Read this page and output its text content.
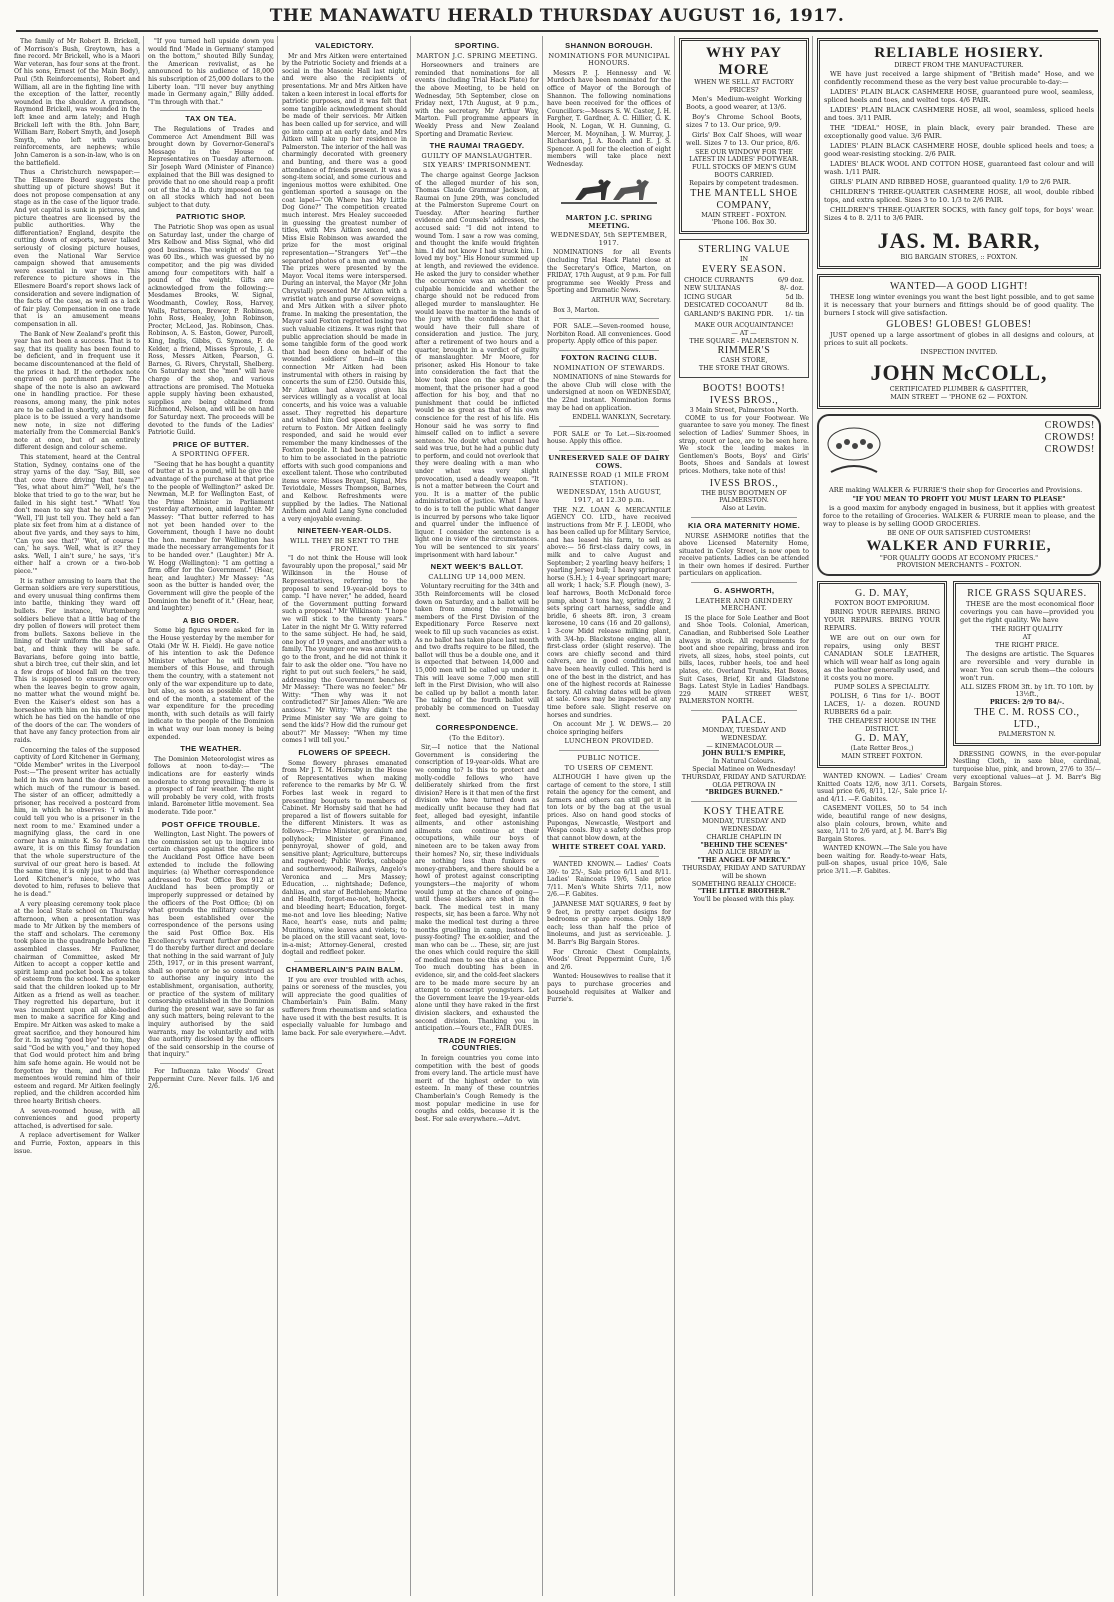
THE MANAWATU HERALD THURSDAY AUGUST 16, 1917.

The family of Mr Robert B. Brickell, of Morrison's Bush, Greytown, has a fine record. Mr Brickell, who is a Maori War veteran, has four sons at the front. Of his sons, Ernest (of the Main Body), Paul (5th Reinforcements), Robert and William, all are in the fighting line with the exception of the latter, recently wounded in the shoulder. A grandson, Raymond Brickell, was wounded in the left knee and arm lately; and Hugh Brickell left with the 8th. John Barr, William Barr, Robert Smyth, and Joseph Smyth, who left with various reinforcements, are nephews; while John Cameron is a son-in-law, who is on the battlefield.

Thus a Christchurch newspaper:—The Ellesmere Board suggests the shutting up of picture shows! But it does not propose compensation at any stage as in the case of the liquor trade. And yet capital is sunk in pictures, and picture theatres are licensed by the public authorities. Why the differentiation? England, despite the cutting down of exports, never talked seriously of closing picture houses, even the National War Service campaign showed that amusements were essential in war time. This reference to picture shows in the Ellesmere Board's report shows lack of consideration and severe indignation of the facts of the case, as well as a lack of fair play. Compensation in one trade that is an amusement means compensation in all.

The Bank of New Zealand's profit this year has not been a success. That is to say, that its quality has been found to be deficient, and in frequent use it became discountenanced at the field of the prices it had. If the orthodox note engraved on parchment paper. The shape of the note is also an awkward one in handling practice. For these reasons, among many, the pink notes are to be called in shortly, and in their place is to be issued a very handsome new note, in size not differing materially from the Commercial Bank's note at once, but of an entirely different design and colour scheme.

This statement, heard at the Central Station, Sydney, contains one of the stray yarns of the day. "Say, Bill, see that cove there driving that team?" "Yes, what about him?" "Well, he's the bloke that tried to go to the war, but he failed in his sight test." "What! You don't mean to say that he can't see?" "Well, I'll just tell you. They held a fan plate six feet from him at a distance of about five yards, and they says to him, 'Can you see that?' 'Wot, of course I can,' he says. 'Well, what is it?' they asks. 'Well, I ain't sure,' he says, 'it's either half a crown or a two-bob piece.'"

It is rather amusing to learn that the German soldiers are very superstitious, and every unusual thing confirms them into battle, thinking they ward off bullets. For instance, Wurtemberg soldiers believe that a little bag of the dry pollen of flowers will protect them from bullets. Saxons believe in the lining of their uniform the shape of a bat, and think they will be safe. Bavarians, before going into battle, shut a birch tree, cut their skin, and let a few drops of blood fall on the tree. This is supposed to ensure recovery when the leaves begin to grow again, no matter what the wound might be. Even the Kaiser's eldest son has a horseshoe with him on his motor trips which he has tied on the handle of one of the doors of the car. The wonders of that have any fancy protection from air raids.

Concerning the tales of the supposed captivity of Lord Kitchener in Germany, "Olde Member" writes in the Liverpool Post:—"The present writer has actually held in his own hand the document on which much of the rumour is based. The sister of an officer, admittedly a prisoner, has received a postcard from him, in which he observes: 'I wish I could tell you who is a prisoner in the next room to me.' Examined under a magnifying glass, the card in one corner has a minute K. So far as I am aware, it is on this flimsy foundation that the whole superstructure of the survival of our great hero is based. At the same time, it is only just to add that Lord Kitchener's niece, who was devoted to him, refuses to believe that he is dead."

A very pleasing ceremony took place at the local State school on Thursday afternoon, when a presentation was made to Mr Aitken by the members of the staff and scholars. The ceremony took place in the quadrangle before the assembled classes. Mr Faulkner, chairman of Committee, asked Mr Aitken to accept a copper kettle and spirit lamp and pocket book as a token of esteem from the school. The speaker said that the children looked up to Mr Aitken as a friend as well as teacher. They regretted his departure, but it was incumbent upon all able-bodied men to make a sacrifice for King and Empire. Mr Aitken was asked to make a great sacrifice, and they honoured him for it. In saying "good bye" to him, they said "God be with you," and they hoped that God would protect him and bring him safe home again. He would not be forgotten by them, and the little mementoes would remind him of their esteem and regard. Mr Aitken feelingly replied, and the children accorded him three hearty British cheers.

A seven-roomed house, with all conveniences and good property attached, is advertised for sale.

A replace advertisement for Walker and Furrie, Foxton, appears in this issue.

"If you turned hell upside down you would find 'Made in Germany' stamped on the bottom," shouted Billy Sunday, the American revivalist, as he announced to his audience of 18,000 his subscription of 25,000 dollars to the Liberty loan. "I'll never buy anything made in Germany again," Billy added. "I'm through with that."

TAX ON TEA.

The Regulations of Trades and Commerce Act Amendment Bill was brought down by Governor-General's Message in the House of Representatives on Tuesday afternoon. Sir Joseph Ward (Minister of Finance) explained that the Bill was designed to provide that no one should reap a profit out of the 3d a lb. duty imposed on tea on all stocks which had not been subject to that duty.

PATRIOTIC SHOP.

The Patriotic Shop was open as usual on Saturday last, under the charge of Mrs Kelbow and Miss Signal, who did good business. The weight of the pig was 60 lbs., which was guessed by no competitor, and the pig was divided among four competitors with half a pound of the weight. Gifts are acknowledged from the following:—Mesdames Brooks, W. Signal, Woodmanth, Cowley, Ross, Harvey, Walls, Patterson, Brewer, P. Robinson, John Ross, Healey, John Robinson, Procter, McLeod, Jas. Robinson, Chas. Robinson, A. S. Easton, Gower, Purcell, King, Inglis, Gibbs, G. Symons, F. de Kelder, a friend, Misses Sproule, J. A. Ross, Messrs Aitken, Pearson, G. Barnes, G. Rivers, Chrystall, Shelberg. On Saturday next the "men" will have charge of the shop, and various attractions are promised. The Motueka apple supply having been exhausted, supplies are being obtained from Richmond, Nelson, and will be on hand for Saturday next. The proceeds will be devoted to the funds of the Ladies' Patriotic Guild.

PRICE OF BUTTER.
A SPORTING OFFER.

"Seeing that he has bought a quantity of butter at 1s a pound, will he give the advantage of the purchase at that price to the people of Wellington?" asked Dr. Newman, M.P. for Wellington East, of the Prime Minister in Parliament yesterday afternoon, amid laughter. Mr Massey: "That butter referred to has not yet been handed over to the Government, though I have no doubt the hon. member for Wellington has made the necessary arrangements for it to be handed over." (Laughter.) Mr A. W. Hogg (Wellington): "I am getting a firm offer for the Government." (Hear, hear, and laughter.) Mr Massey: "As soon as the butter is handed over, the Government will give the people of the Dominion the benefit of it." (Hear, hear, and laughter.)

A BIG ORDER.

Some big figures were asked for in the House yesterday by the member for Otaki (Mr W. H. Field). He gave notice of his intention to ask the Defence Minister whether he will furnish members of this House, and through them the country, with a statement not only of the war expenditure up to date, but also, as soon as possible after the end of the month, a statement of the war expenditure for the preceding month, with such details as will fairly indicate to the people of the Dominion in what way our loan money is being expended.

THE WEATHER.

The Dominion Meteorologist wires as follows at noon to-day:— "The indications are for easterly winds moderate to strong prevailing; there is a prospect of fair weather. The night will probably be very cold, with frosts inland. Barometer little movement. Sea moderate. Tide poor."

POST OFFICE TROUBLE.

Wellington, Last Night. The powers of the commission set up to inquire into certain charges against the officers of the Auckland Post Office have been extended to include the following inquiries: (a) Whether correspondence addressed to Post Office Box 912 at Auckland has been promptly or improperly suppressed or detained by the officers of the Post Office; (b) on what grounds the military censorship has been established over the correspondence of the persons using the said Post Office Box. His Excellency's warrant further proceeds: "I do thereby further direct and declare that nothing in the said warrant of July 25th, 1917, or in this present warrant, shall so operate or be so construed as to authorise any inquiry into the establishment, organisation, authority, or practice of the system of military censorship established in the Dominion during the present war, save so far as any such matters, being relevant to the inquiry authorised by the said warrants, may be voluntarily and with due authority disclosed by the officers of the said censorship in the course of that inquiry."

For Influenza take Woods' Great Peppermint Cure. Never fails. 1/6 and 2/6.

VALEDICTORY.

Mr and Mrs Aitken were entertained by the Patriotic Society and friends at a social in the Masonic Hall last night, and were also the recipients of presentations. Mr and Mrs Aitken have taken a keen interest in local efforts for patriotic purposes, and it was felt that some tangible acknowledgment should be made of their services. Mr Aitken has been called up for service, and will go into camp at an early date, and Mrs Aitken will take up her residence in Palmerston. The interior of the hall was charmingly decorated with greenery and bunting, and there was a good attendance of friends present. It was a song-item social, and some curious and ingenious mottos were exhibited. One gentleman sported a sausage on the coat lapel—"Oh Where has My Little Dog Gone?" The competition created much interest. Mrs Healey succeeded in guessing the greatest number of titles, with Mrs Aitken second, and Miss Elsie Robinson was awarded the prize for the most original representation—"Strangers Yet"—the separated photos of a man and woman. The prizes were presented by the Mayor. Vocal items were interspersed. During an interval, the Mayor (Mr John Chrystall) presented Mr Aitken with a wristlet watch and purse of sovereigns, and Mrs Aitken with a silver photo frame. In making the presentation, the Mayor said Foxton regretted losing two such valuable citizens. It was right that public appreciation should be made in some tangible form of the good work that had been done on behalf of the wounded soldiers' fund—in this connection Mr Aitken had been instrumental with others in raising by concerts the sum of £250. Outside this, Mr Aitken had always given his services willingly as a vocalist at local concerts, and his voice was a valuable asset. They regretted his departure and wished him God speed and a safe return to Foxton. Mr Aitken feelingly responded, and said he would ever remember the many kindnesses of the Foxton people. It had been a pleasure to him to be associated in the patriotic efforts with such good companions and excellent talent. Those who contributed items were: Misses Bryant, Signal, Mrs Teviotdale, Messrs Thompson, Barnes, and Kelbow. Refreshments were supplied by the ladies. The National Anthem and Auld Lang Syne concluded a very enjoyable evening.

NINETEEN-YEAR-OLDS.
WILL THEY BE SENT TO THE FRONT.

"I do not think the House will look favourably upon the proposal," said Mr Wilkinson in the House of Representatives, referring to the proposal to send 19-year-old boys to camp. "I have never," he added, heard of the Government putting forward such a proposal." Mr Wilkinson: "I hope we will stick to the twenty years." Later in the night Mr G. Witty referred to the same subject. He had, he said, one boy of 19 years, and another with a family. The younger one was anxious to go to the front, and he did not think it fair to ask the older one. "You have no right to put out such feelers," he said, addressing the Government benches. Mr Massey: "There was no feeler." Mr Witty: "Then why was it not contradicted?" Sir James Allen: "We are anxious." Mr Witty: "Why didn't the Prime Minister say 'We are going to send the kids'? How did the rumour get about?" Mr Massey: "When my time comes I will tell you."

FLOWERS OF SPEECH.

Some flowery phrases emanated from Mr J. T. M. Hornsby in the House of Representatives when making reference to the remarks by Mr G. W. Forbes last week in regard to presenting bouquets to members of Cabinet. Mr Hornsby said that he had prepared a list of flowers suitable for the different Ministers. It was as follows:—Prime Minister, geranium and pollyhock; Minister of Finance, pennyroyal, shower of gold, and sensitive plant; Agriculture, buttercups and ragweed; Public Works, cabbage and southernwood; Railways, Angelo's Veronica and ... Mrs Massey; Education, ... nightshade; Defence, dahlias, and star of Bethlehem; Marine and Health, forget-me-not, hollyhock, and bleeding heart; Education, forget-me-not and love lies bleeding; Native Race, heart's ease, nuts and palm; Munitions, wine leaves and violets; to be placed on the still vacant seat, love-in-a-mist; Attorney-General, crested dogtail and redfleet poker.

CHAMBERLAIN'S PAIN BALM.

If you are ever troubled with aches, pains or soreness of the muscles, you will appreciate the good qualities of Chamberlain's Pain Balm. Many sufferers from rheumatism and sciatica have used it with the best results. It is especially valuable for lumbago and lame back. For sale everywhere.—Advt.

SPORTING.
MARTON J.C. SPRING MEETING.

Horseowners and trainers are reminded that nominations for all events (including Trial Hack Plate) for the above Meeting, to be held on Wednesday, 5th September, close on Friday next, 17th August, at 9 p.m., with the secretary, Mr Arthur Way, Marton. Full programme appears in Weekly Press and New Zealand Sporting and Dramatic Review.

THE RAUMAI TRAGEDY.
GUILTY OF MANSLAUGHTER.
SIX YEARS' IMPRISONMENT.

The charge against George Jackson of the alleged murder of his son, Thomas Claude Grammar Jackson, at Raumai on June 29th, was concluded at the Palmerston Supreme Court on Tuesday. After hearing further evidence and Counsels' addresses, the accused said: "I did not intend to wound Tom. I saw a row was coming, and thought the knife would frighten him. I did not know I had struck him. I loved my boy." His Honour summed up at length, and reviewed the evidence. He asked the jury to consider whether the occurrence was an accident or culpable homicide and whether the charge should not be reduced from alleged murder to manslaughter. He would leave the matter in the hands of the jury with the confidence that it would have their full share of consideration and justice. The jury, after a retirement of two hours and a quarter, brought in a verdict of guilty of manslaughter. Mr Moore, for prisoner, asked His Honour to take into consideration the fact that the blow took place on the spur of the moment, that the prisoner had a good affection for his boy, and that no punishment that could be inflicted would be as great as that of his own conscience for the rest of his life. His Honour said he was sorry to find himself called on to inflict a severe sentence. No doubt what counsel had said was true, but he had a public duty to perform, and could not overlook that they were dealing with a man who under what was very slight provocation, used a deadly weapon. "It is not a matter between the Court and you. It is a matter of the public administration of justice. What I have to do is to tell the public what danger is incurred by persons who take liquor and quarrel under the influence of liquor. I consider the sentence is a light one in view of the circumstances. You will be sentenced to six years' imprisonment with hard labour."

NEXT WEEK'S BALLOT.
CALLING UP 14,000 MEN.

Voluntary recruiting for the 34th and 35th Reinforcements will be closed down on Saturday, and a ballot will be taken from among the remaining members of the First Division of the Expeditionary Force Reserve next week to fill up such vacancies as exist. As no ballot has taken place last month and two drafts require to be filled, the ballot will thus be a double one, and it is expected that between 14,000 and 15,000 men will be called up under it. This will leave some 7,000 men still left in the First Division, who will also be called up by ballot a month later. The taking of the fourth ballot will probably be commenced on Tuesday next.

CORRESPONDENCE.
(To the Editor).

Sir,—I notice that the National Government is considering the conscription of 19-year-olds. What are we coming to? Is this to protect and molly-coddle fellows who have deliberately shirked from the first division? Here is it that men of the first division who have turned down as medically unfit because they had flat feet, alleged bad eyesight, infantile ailments, and other astonishing ailments can continue at their occupations, while our boys of nineteen are to be taken away from their homes? No, sir, these individuals are nothing less than funkers or money-grabbers, and there should be a howl of protest against conscripting youngsters—the majority of whom would jump at the chance of going—until these slackers are shot in the back. The medical test in many respects, sir, has been a farce. Why not make the medical test during a three months gruelling in camp, instead of pussy-footing? The ex-soldier, and the man who can be ... These, sir, are just the ones which could require the skill of medical men to see this at a glance. Too much doubting has been in evidence, sir, and the cold-feet slackers are to be made more secure by an attempt to conscript youngsters. Let the Government leave the 19-year-olds alone until they have raked in the first division slackers, and exhausted the second division. Thanking you in anticipation.—Yours etc., FAIR DUES.

TRADE IN FOREIGN COUNTRIES.

In foreign countries you come into competition with the best of goods from every land. The article must have merit of the highest order to win esteem. In many of these countries Chamberlain's Cough Remedy is the most popular medicine in use for coughs and colds, because it is the best. For sale everywhere.—Advt.

SHANNON BOROUGH.
NOMINATIONS FOR MUNICIPAL HONOURS.

Messrs P. J. Hennessy and W. Murdoch have been nominated for the office of Mayor of the Borough of Shannon. The following nominations have been received for the offices of Councillors:—Messrs S. W. Caster, J. H. Fargher, T. Gardner, A. C. Hillier, G. K. Hook, N. Logan, W. H. Gunning, G. Mercer, M. Moynihan, J. W. Murray, J. Richardson, J. A. Roach and E. J. S. Spencer. A poll for the election of eight members will take place next Wednesday.

MARTON J.C. SPRING MEETING.
WEDNESDAY, 5th SEPTEMBER, 1917.

NOMINATIONS for all Events (including Trial Hack Plate) close at the Secretary's Office, Marton, on FRIDAY, 17th August, at 9 p.m. For full programme see Weekly Press and Sporting and Dramatic News.

ARTHUR WAY, Secretary.

Box 3, Marton.

FOR SALE.—Seven-roomed house, Norbiton Road. All conveniences. Good property. Apply office of this paper.

FOXTON RACING CLUB.
NOMINATION OF STEWARDS.

NOMINATIONS of nine Stewards for the above Club will close with the undersigned at noon on WEDNESDAY, the 22nd instant. Nomination forms may be had on application.

ENDELL WANKLYN, Secretary.

FOR SALE or To Let.—Six-roomed house. Apply this office.

UNRESERVED SALE OF DAIRY COWS.
RAINESSE ROAD (1 MILE FROM STATION).
WEDNESDAY, 15th AUGUST, 1917, at 12.30 p.m.

THE N.Z. LOAN & MERCANTILE AGENCY CO. LTD., have received instructions from Mr F. J. LEODI, who has been called up for Military Service, and has leased his farm, to sell as above:— 56 first-class dairy cows, in milk and to calve August and September; 2 yearling heavy heifers; 1 yearling Jersey bull; 1 heavy springcart horse (S.H.); 1 4-year springcart mare; all work; 1 hack; S.F. Plough (new), 3-leaf harrows, Booth McDonald force pump, about 3 tons hay, spring dray, 2 sets spring cart harness, saddle and bridle, 6 sheets 8ft. iron, 3 cream kerosene, 10 cans (16 and 20 gallons), 1 3-cow Midd release milking plant, with 3/4-hp. Blackstone engine, all in first-class order (slight reserve). The cows are chiefly second and third calvers, are in good condition, and have been heavily culled. This herd is one of the best in the district, and has one of the highest records at Rainesse factory. All calving dates will be given at sale. Cows may be inspected at any time before sale. Slight reserve on horses and sundries.

On account Mr J. W. DEWS.— 20 choice springing heifers

LUNCHEON PROVIDED.
PUBLIC NOTICE.
TO USERS OF CEMENT.

ALTHOUGH I have given up the cartage of cement to the store, I still retain the agency for the cement, and farmers and others can still get it in ton lots or by the bag at the usual prices. Also on hand good stocks of Pupongas, Newcastle, Westport and Wespa coals. Buy a safety clothes prop that cannot blow down, at the

WHITE STREET COAL YARD.

WANTED KNOWN.— Ladies' Coats 39/- to 25/-, Sale price 6/11 and 8/11. Ladies' Raincoats 19/6, Sale price 7/11. Men's White Shirts 7/11, now 2/6.—F. Gabites.

JAPANESE MAT SQUARES, 9 feet by 9 feet, in pretty carpet designs for bedrooms or spare rooms. Only 18/9 each; less than half the price of linoleums, and just as serviceable. J. M. Barr's Big Bargain Stores.

For Chronic Chest Complaints, Woods' Great Peppermint Cure, 1/6 and 2/6.

Wanted: Housewives to realise that it pays to purchase groceries and household requisites at Walker and Furrie's.

WHY PAY MORE
WHEN WE SELL AT FACTORY PRICES?

Men's Medium-weight Working Boots, a good wearer, at 13/6.

Boy's Chrome School Boots, sizes 7 to 13. Our price, 9/9.

Girls' Box Calf Shoes, will wear well. Sizes 7 to 13. Our price, 8/6.

SEE OUR WINDOW FOR THE LATEST IN LADIES' FOOTWEAR.
FULL STOCKS OF MEN'S GUM BOOTS CARRIED.
Repairs by competent tradesmen.
THE MANTELL SHOE COMPANY,
MAIN STREET - FOXTON.
'Phone 106. Box 30.
STERLING VALUE
IN
EVERY SEASON.
CHOICE CURRANTS	6/9 doz.
NEW SULTANAS	8/- doz.
ICING SUGAR	5d lb.
DESICATED COCOANUT	8d lb.
GARLAND'S BAKING PDR. 1/- tin
MAKE OUR ACQUAINTANCE!
— AT —
THE SQUARE - PALMERSTON N.
RIMMER'S
CASH STORE,
THE STORE THAT GROWS.
BOOTS! BOOTS!
IVESS BROS.,
3 Main Street, Palmerston North.

COME to us for your Footwear. We guarantee to save you money. The finest selection of Ladies' Summer Shoes, in strap, court or lace, are to be seen here. We stock the leading makes in Gentlemen's Boots, Boys' and Girls' Boots, Shoes and Sandals at lowest prices. Mothers, take note of this!

IVESS BROS.,
THE BUSY BOOTMEN OF PALMERSTON.
Also at Levin.
KIA ORA MATERNITY HOME.

NURSE ASHMORE notifies that the above Licensed Maternity Home, situated in Coley Street, is now open to receive patients. Ladies can be attended in their own homes if desired. Further particulars on application.

G. ASHWORTH,
LEATHER AND GRINDERY MERCHANT.

IS the place for Sole Leather and Boot and Shoe Tools. Colonial, American, Canadian, and Rubberised Sole Leather always in stock. All requirements for boot and shoe repairing, brass and iron rivets, all sizes, hobs, steel points, cut bills, laces, rubber heels, toe and heel plates, etc. Overland Trunks, Hat Boxes, Suit Cases, Brief, Kit and Gladstone Bags. Latest Style in Ladies' Handbags. 229 MAIN STREET WEST, PALMERSTON NORTH.

PALACE.
MONDAY, TUESDAY AND WEDNESDAY.
— KINEMACOLOUR —
JOHN BULL'S EMPIRE,
In Natural Colours.
Special Matinee on Wednesday!
THURSDAY, FRIDAY AND SATURDAY:
OLGA PETROVA IN
"BRIDGES BURNED."
KOSY THEATRE
MONDAY, TUESDAY AND WEDNESDAY.
CHARLIE CHAPLIN IN
"BEHIND THE SCENES"
AND ALICE BRADY in
"THE ANGEL OF MERCY."
THURSDAY, FRIDAY AND SATURDAY
will be shown
SOMETHING REALLY CHOICE:
"THE LITTLE BROTHER."
You'll be pleased with this play.
RELIABLE HOSIERY.
DIRECT FROM THE MANUFACTURER.

WE have just received a large shipment of "British made" Hose, and we confidently recommend these as the very best value procurable to-day:—

LADIES' PLAIN BLACK CASHMERE HOSE, guaranteed pure wool, seamless, spliced heels and toes, and welted tops. 4/6 PAIR.

LADIES' PLAIN BLACK CASHMERE HOSE, all wool, seamless, spliced heels and toes. 3/11 PAIR.

THE "IDEAL" HOSE, in plain black, every pair branded. These are exceptionally good value. 3/6 PAIR.

LADIES' PLAIN BLACK CASHMERE HOSE, double spliced heels and toes; a good wear-resisting stocking. 2/6 PAIR.

LADIES' BLACK WOOL AND COTTON HOSE, guaranteed fast colour and will wash. 1/11 PAIR.

GIRLS' PLAIN AND RIBBED HOSE, guaranteed quality. 1/9 to 2/6 PAIR.

CHILDREN'S THREE-QUARTER CASHMERE HOSE, all wool, double ribbed tops, and extra spliced. Sizes 3 to 10. 1/3 to 2/6 PAIR.

CHILDREN'S THREE-QUARTER SOCKS, with fancy golf tops, for boys' wear. Sizes 4 to 8. 2/11 to 3/6 PAIR.

JAS. M. BARR,
BIG BARGAIN STORES, :: FOXTON.
WANTED—A GOOD LIGHT!

THESE long winter evenings you want the best light possible, and to get same it is necessary that your burners and fittings should be of good quality. The burners I stock will give satisfaction.

GLOBES! GLOBES! GLOBES!

JUST opened up a large assortment of globes in all designs and colours, at prices to suit all pockets.

INSPECTION INVITED.
JOHN McCOLL,
CERTIFICATED PLUMBER & GASFITTER,
MAIN STREET — 'PHONE 62 — FOXTON.
CROWDS!
CROWDS!
CROWDS!

ARE making WALKER & FURRIE'S their shop for Groceries and Provisions.

"IF YOU MEAN TO PROFIT YOU MUST LEARN TO PLEASE"

is a good maxim for anybody engaged in business, but it applies with greatest force to the retailing of Groceries. WALKER & FURRIE mean to please, and the way to please is by selling GOOD GROCERIES.

BE ONE OF OUR SATISFIED CUSTOMERS!
WALKER AND FURRIE,
"FOR QUALITY GOODS AT ECONOMY PRICES."
PROVISION MERCHANTS – FOXTON.
G. D. MAY,
FOXTON BOOT EMPORIUM.

BRING YOUR REPAIRS. BRING YOUR REPAIRS. BRING YOUR REPAIRS.

WE are out on our own for repairs, using only BEST CANADIAN SOLE LEATHER, which will wear half as long again as the leather generally used, and it costs you no more.

PUMP SOLES A SPECIALITY.

POLISH, 6 Tins for 1/-. BOOT LACES, 1/- a dozen. ROUND RUBBERS 6d a pair.

THE CHEAPEST HOUSE IN THE DISTRICT.
G. D. MAY,
(Late Retter Bros.,)
MAIN STREET FOXTON.

WANTED KNOWN. — Ladies' Cream Knitted Coats 12/6, now 3/11. Corsets, usual price 6/6, 8/11, 12/-, Sale price 1/- and 4/11. —F. Gabites.

CASEMENT VOILES, 50 to 54 inch wide, beautiful range of new designs, also plain colours, brown, white and saxe, 1/11 to 2/6 yard, at J. M. Barr's Big Bargain Stores.

WANTED KNOWN.—The Sale you have been waiting for. Ready-to-wear Hats, pull-on shapes, usual price 10/6, Sale price 3/11.—F. Gabites.

RICE GRASS SQUARES.

THESE are the most economical floor coverings you can have—provided you get the right quality. We have

THE RIGHT QUALITY
AT
THE RIGHT PRICE.

The designs are artistic. The Squares are reversible and very durable in wear. You can scrub them—the colours won't run.

ALL SIZES FROM 3ft. by 1ft. TO 10ft. by 13½ft.,
PRICES: 2/9 TO 84/-.
THE C. M. ROSS CO., LTD.,
PALMERSTON N.

DRESSING GOWNS, in the ever-popular Nestling Cloth, in saxe blue, cardinal, turquoise blue, pink, and brown, 27/6 to 35/—very exceptional values—at J. M. Barr's Big Bargain Stores.
